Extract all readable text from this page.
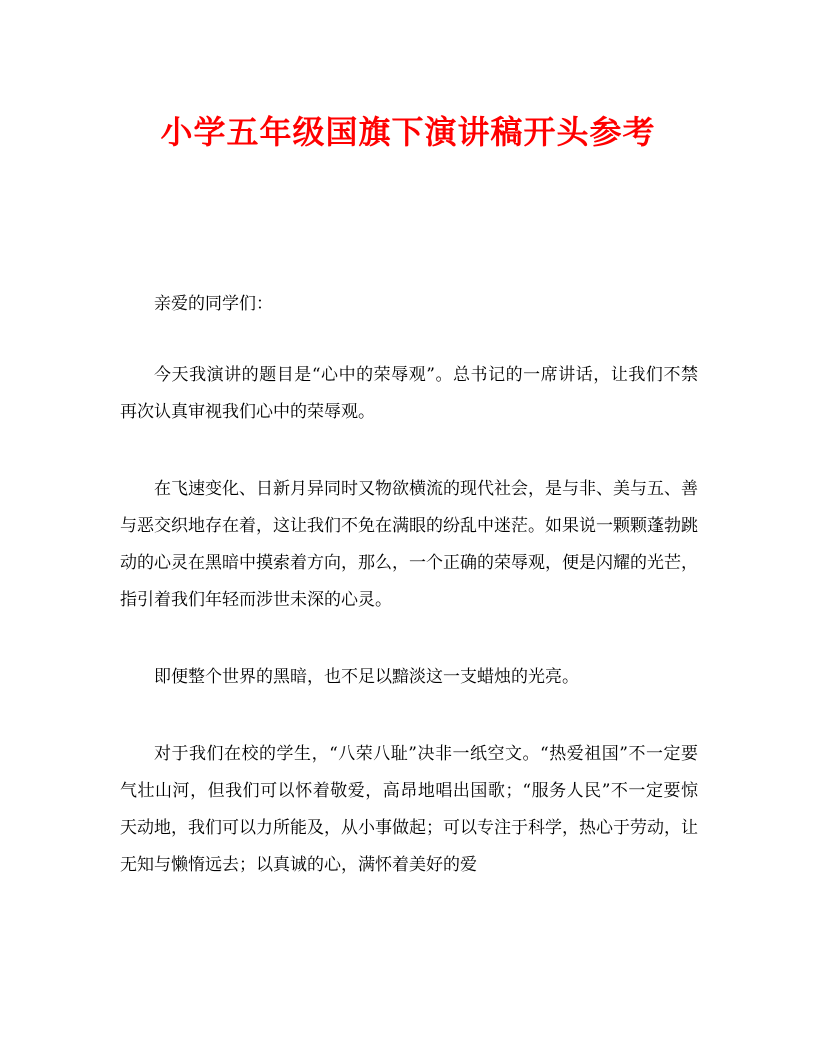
小学五年级国旗下演讲稿开头参考

亲爱的同学们：

今天我演讲的题目是“心中的荣辱观”。总书记的一席讲话，让我们不禁再次认真审视我们心中的荣辱观。

在飞速变化、日新月异同时又物欲横流的现代社会，是与非、美与五、善与恶交织地存在着，这让我们不免在满眼的纷乱中迷茫。如果说一颗颗蓬勃跳动的心灵在黑暗中摸索着方向，那么，一个正确的荣辱观，便是闪耀的光芒，指引着我们年轻而涉世未深的心灵。

即便整个世界的黑暗，也不足以黯淡这一支蜡烛的光亮。

对于我们在校的学生，“八荣八耻”决非一纸空文。“热爱祖国”不一定要气壮山河，但我们可以怀着敬爱，高昂地唱出国歌；“服务人民”不一定要惊天动地，我们可以力所能及，从小事做起；可以专注于科学，热心于劳动，让无知与懒惰远去；以真诚的心，满怀着美好的爱
